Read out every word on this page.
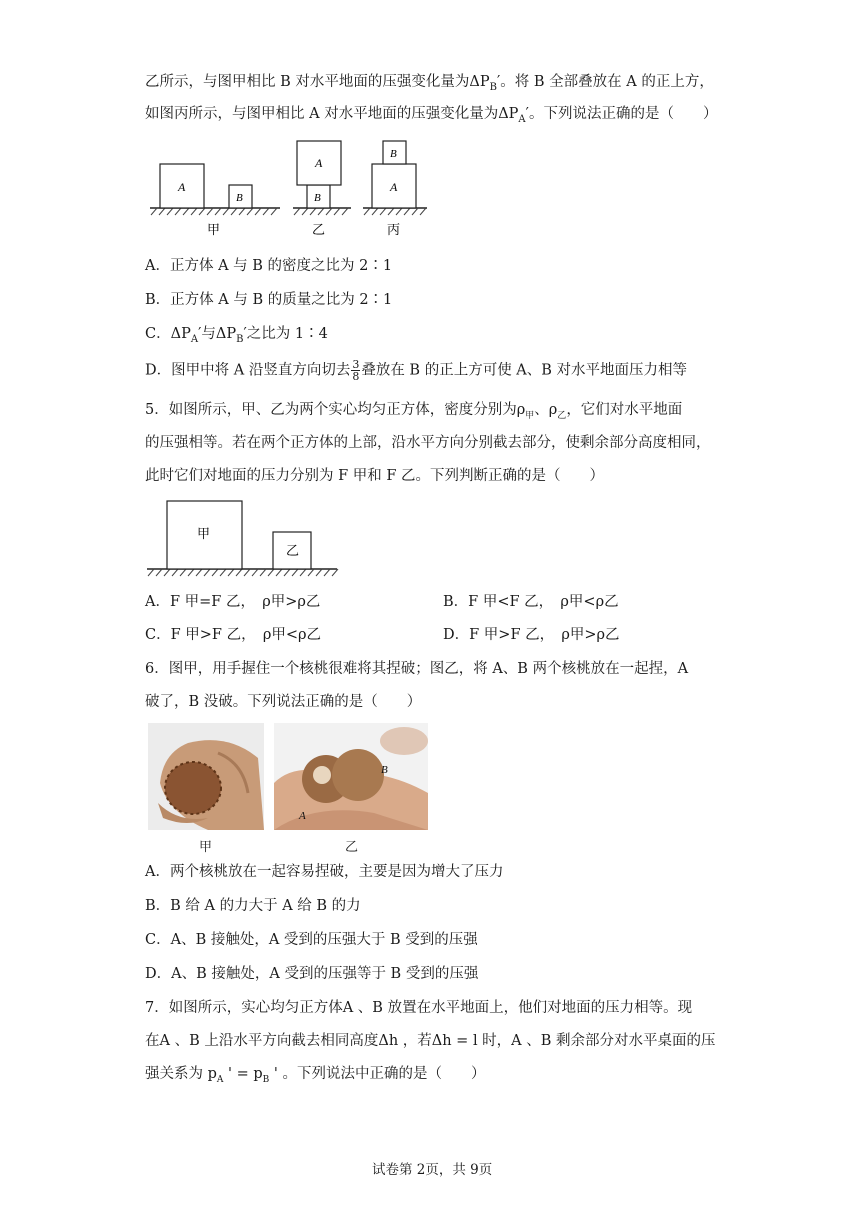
乙所示，与图甲相比 B 对水平地面的压强变化量为$\Delta P_B'$。将 B 全部叠放在 A 的正上方，
如图丙所示，与图甲相比 A 对水平地面的压强变化量为$\Delta P_A'$。下列说法正确的是（　　）
A
B
甲
B
A
乙
A
B
丙
A．正方体 A 与 B 的密度之比为 2∶1
B．正方体 A 与 B 的质量之比为 2∶1
C．$\Delta P_A'$与$\Delta P_B'$之比为 1∶4
D．图甲中将 A 沿竖直方向切去 $\frac{3}{8}$ 叠放在 B 的正上方可使 A、B 对水平地面压力相等
5．如图所示，甲、乙为两个实心均匀正方体，密度分别为$\rho_甲$、$\rho_乙$，它们对水平地面
的压强相等。若在两个正方体的上部，沿水平方向分别截去部分，使剩余部分高度相同，
此时它们对地面的压力分别为 F 甲和 F 乙。下列判断正确的是（　　）
甲
乙
A．F 甲=F 乙，　ρ甲>ρ乙	B．F 甲<F 乙，　ρ甲<ρ乙
C．F 甲>F 乙，　ρ甲<ρ乙	D．F 甲>F 乙，　ρ甲>ρ乙
6．图甲，用手握住一个核桃很难将其捏破；图乙，将 A、B 两个核桃放在一起捏，A
破了，B 没破。下列说法正确的是（　　）
B
A
甲	乙
A．两个核桃放在一起容易捏破，主要是因为增大了压力
B．B 给 A 的力大于 A 给 B 的力
C．A、B 接触处，A 受到的压强大于 B 受到的压强
D．A、B 接触处，A 受到的压强等于 B 受到的压强
7．如图所示，实心均匀正方体A 、B 放置在水平地面上，他们对地面的压力相等。现
在A 、B 上沿水平方向截去相同高度Δh ，若Δh = l 时，A 、B 剩余部分对水平桌面的压
强关系为 $p_A$ ' = $p_B$ ' 。下列说法中正确的是（　　）
试卷第 2页，共 9页
